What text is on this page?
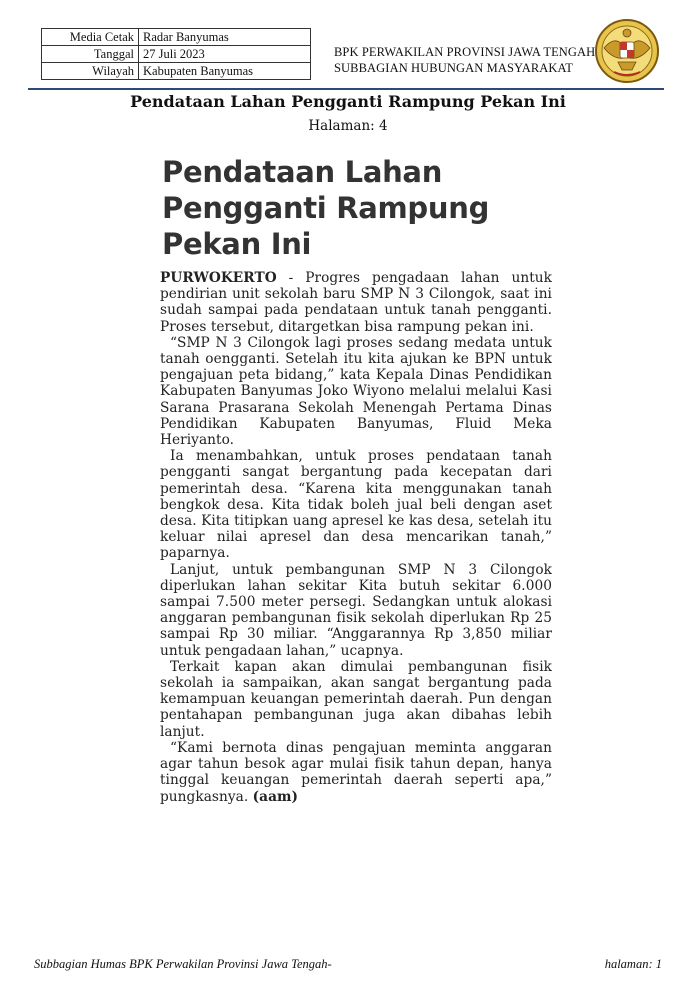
Media Cetak	Radar Banyumas
Tanggal	27 Juli 2023
Wilayah	Kabupaten Banyumas
BPK PERWAKILAN PROVINSI JAWA TENGAH
SUBBAGIAN HUBUNGAN MASYARAKAT
Pendataan Lahan Pengganti Rampung Pekan Ini
Halaman: 4
Pendataan Lahan
Pengganti Rampung
Pekan Ini

PURWOKERTO - Progres pengadaan lahan untuk pendirian unit sekolah baru SMP N 3 Cilongok, saat ini sudah sampai pada pendataan untuk tanah pengganti. Proses tersebut, ditargetkan bisa rampung pekan ini.

“SMP N 3 Cilongok lagi proses sedang medata untuk tanah oengganti. Setelah itu kita ajukan ke BPN untuk pengajuan peta bidang,” kata Kepala Dinas Pendidikan Kabupaten Banyumas Joko Wiyono melalui melalui Kasi Sarana Prasarana Sekolah Menengah Pertama Dinas Pendidikan Kabupaten Banyumas, Fluid Meka Heriyanto.

Ia menambahkan, untuk proses pendataan tanah pengganti sangat bergantung pada kecepatan dari pemerintah desa. “Karena kita menggunakan tanah bengkok desa. Kita tidak boleh jual beli dengan aset desa. Kita titipkan uang apresel ke kas desa, setelah itu keluar nilai apresel dan desa mencarikan tanah,” paparnya.

Lanjut, untuk pembangunan SMP N 3 Cilongok diperlukan lahan sekitar Kita butuh sekitar 6.000 sampai 7.500 meter persegi. Sedangkan untuk alokasi anggaran pembangunan fisik sekolah diperlukan Rp 25 sampai Rp 30 miliar. “Anggarannya Rp 3,850 miliar untuk pengadaan lahan,” ucapnya.

Terkait kapan akan dimulai pembangunan fisik sekolah ia sampaikan, akan sangat bergantung pada kemampuan keuangan pemerintah daerah. Pun dengan pentahapan pembangunan juga akan dibahas lebih lanjut.

“Kami bernota dinas pengajuan meminta anggaran agar tahun besok agar mulai fisik tahun depan, hanya tinggal keuangan pemerintah daerah seperti apa,” pungkasnya. (aam)

Subbagian Humas BPK Perwakilan Provinsi Jawa Tengah-	halaman: 1
